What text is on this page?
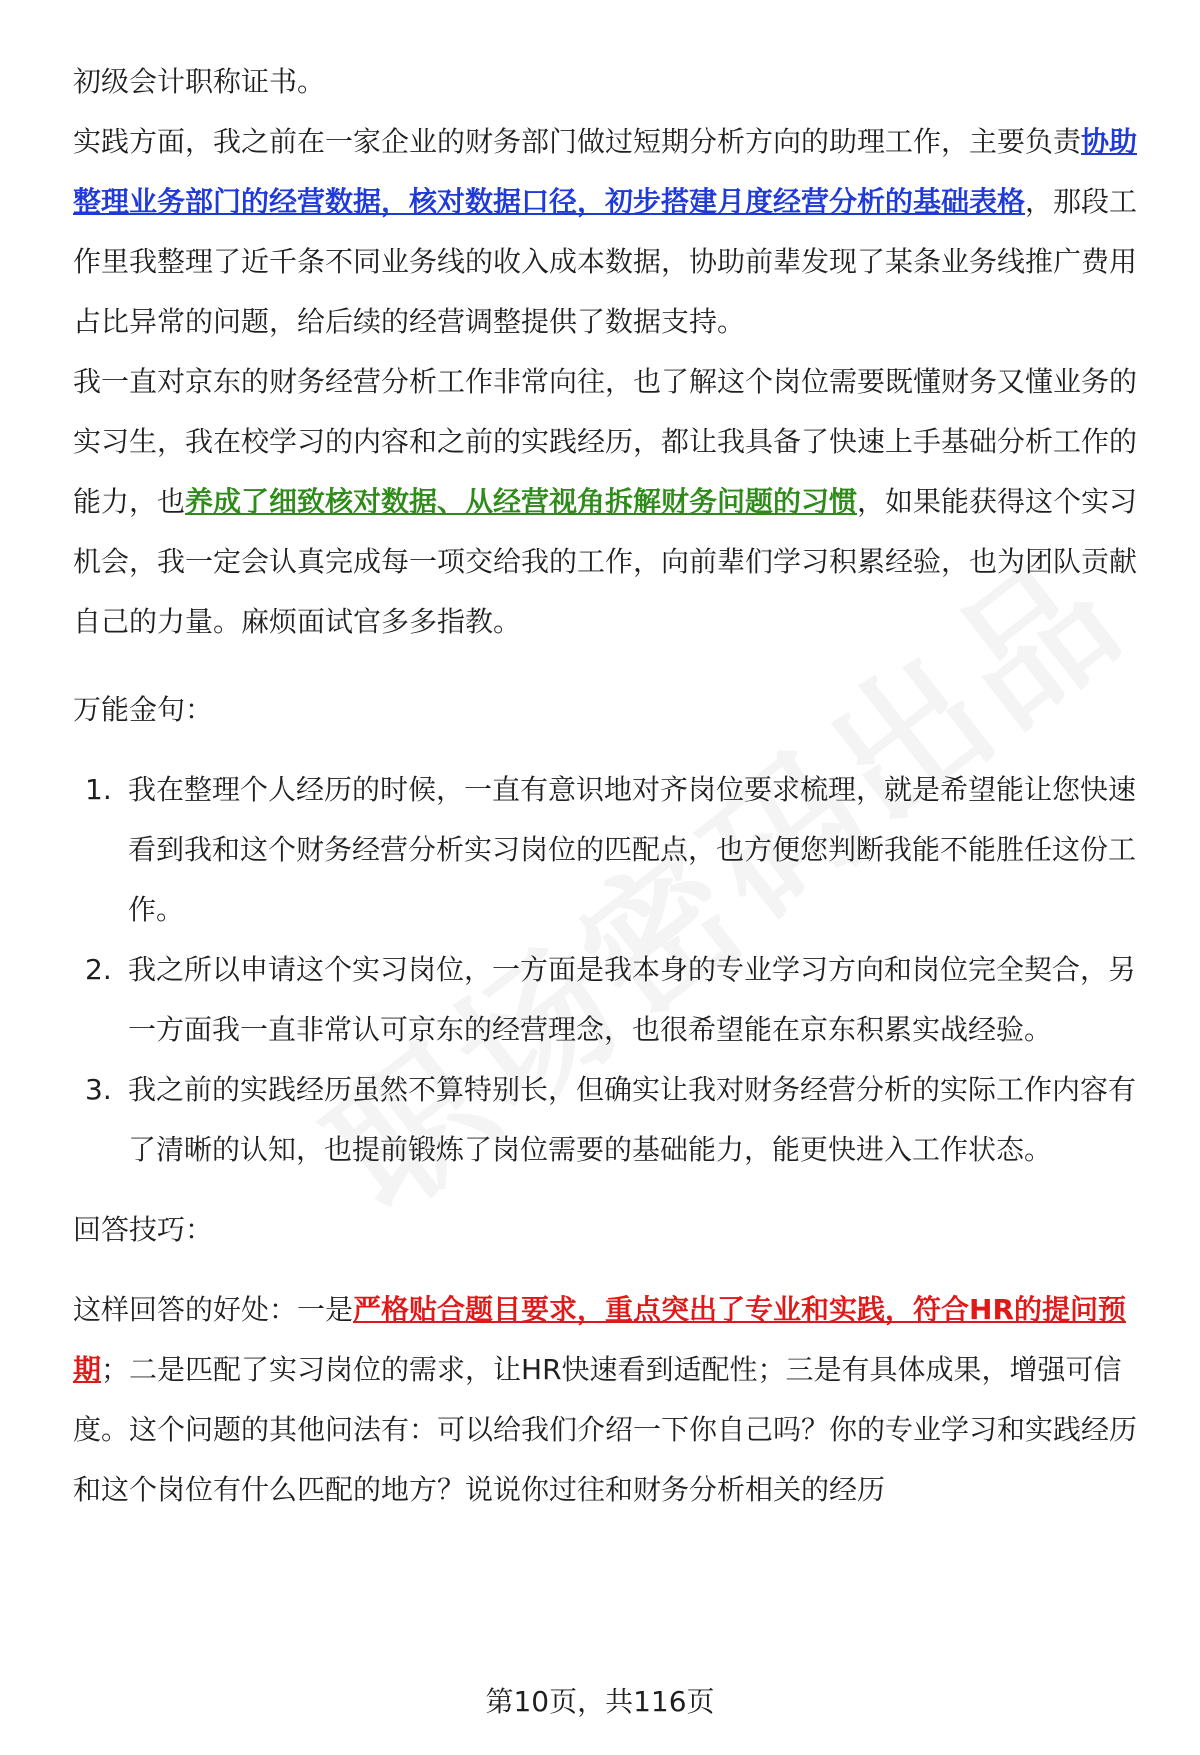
初级会计职称证书。

实践方面，我之前在一家企业的财务部门做过短期分析方向的助理工作，主要负责协助整理业务部门的经营数据，核对数据口径，初步搭建月度经营分析的基础表格，那段工作里我整理了近千条不同业务线的收入成本数据，协助前辈发现了某条业务线推广费用占比异常的问题，给后续的经营调整提供了数据支持。

我一直对京东的财务经营分析工作非常向往，也了解这个岗位需要既懂财务又懂业务的实习生，我在校学习的内容和之前的实践经历，都让我具备了快速上手基础分析工作的能力，也养成了细致核对数据、从经营视角拆解财务问题的习惯，如果能获得这个实习机会，我一定会认真完成每一项交给我的工作，向前辈们学习积累经验，也为团队贡献自己的力量。麻烦面试官多多指教。

万能金句：

1. 我在整理个人经历的时候，一直有意识地对齐岗位要求梳理，就是希望能让您快速看到我和这个财务经营分析实习岗位的匹配点，也方便您判断我能不能胜任这份工作。
2. 我之所以申请这个实习岗位，一方面是我本身的专业学习方向和岗位完全契合，另一方面我一直非常认可京东的经营理念，也很希望能在京东积累实战经验。
3. 我之前的实践经历虽然不算特别长，但确实让我对财务经营分析的实际工作内容有了清晰的认知，也提前锻炼了岗位需要的基础能力，能更快进入工作状态。

回答技巧：

这样回答的好处：一是严格贴合题目要求，重点突出了专业和实践，符合HR的提问预期；二是匹配了实习岗位的需求，让HR快速看到适配性；三是有具体成果，增强可信度。这个问题的其他问法有：可以给我们介绍一下你自己吗？你的专业学习和实践经历和这个岗位有什么匹配的地方？说说你过往和财务分析相关的经历

第10页，共116页
